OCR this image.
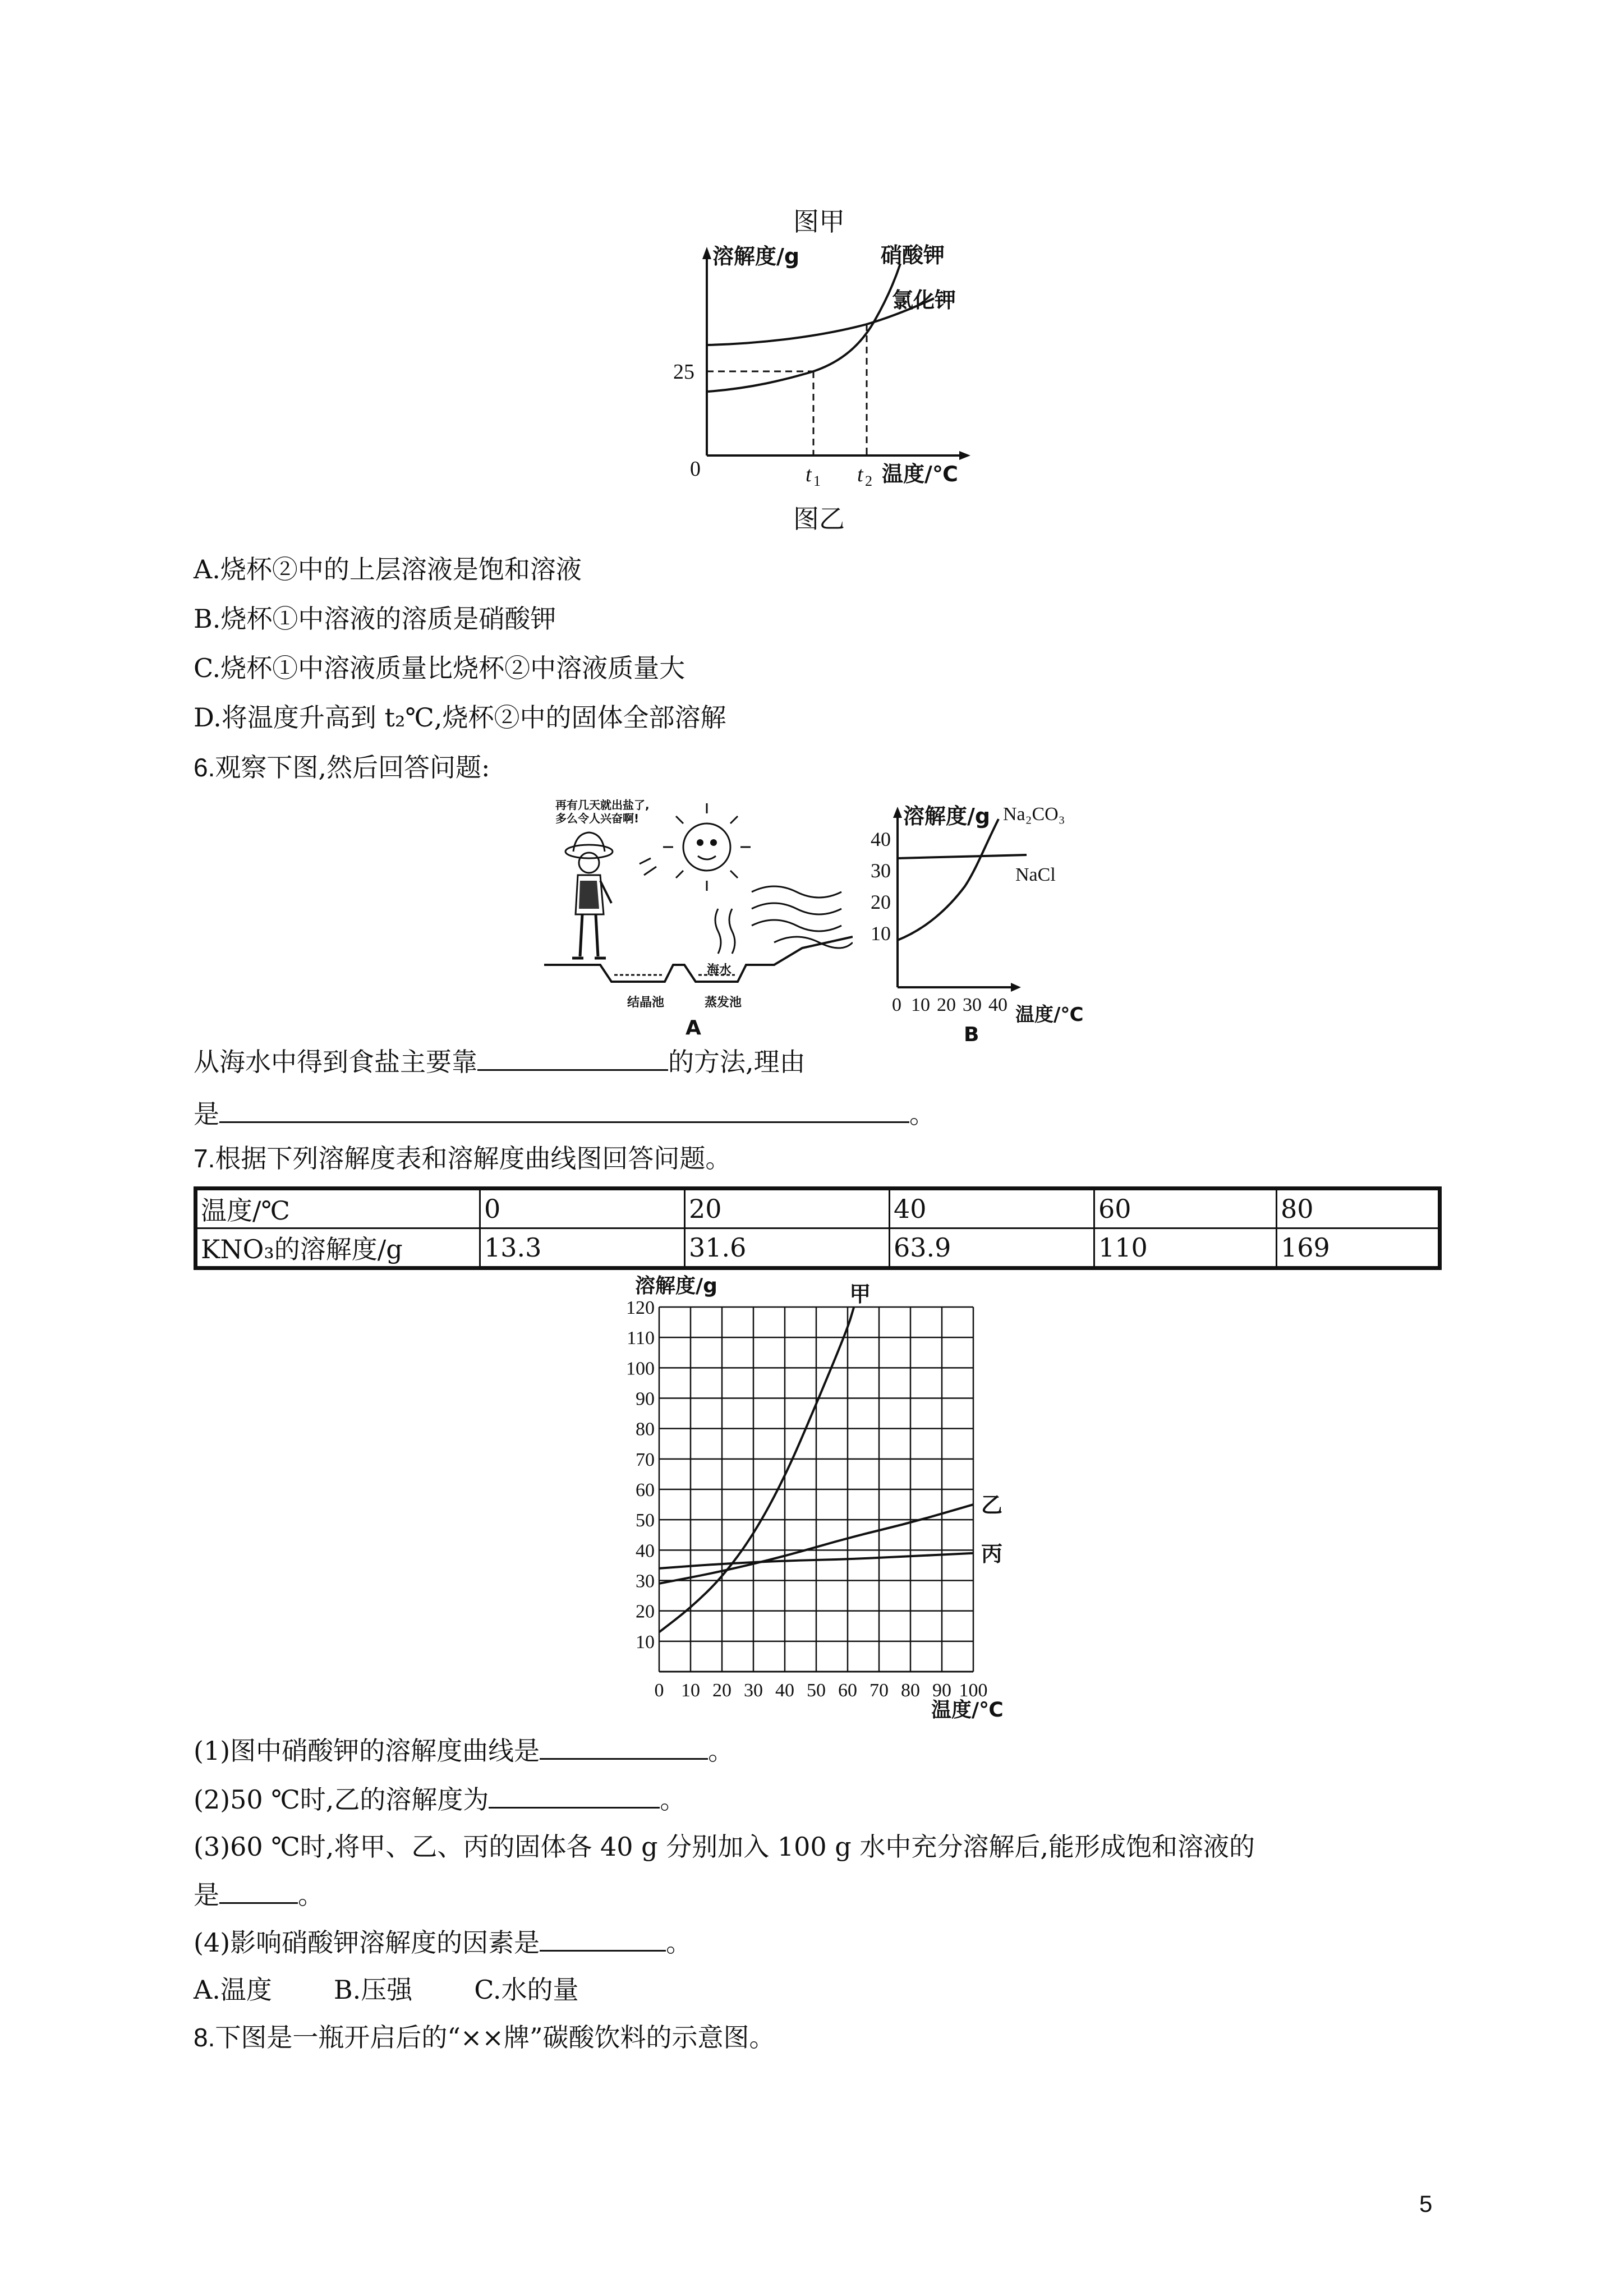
图甲
溶解度/g	硝酸钾
氯化钾
25
0	t 1 t 2 温度/℃
图乙
A.烧杯②中的上层溶液是饱和溶液
B.烧杯①中溶液的溶质是硝酸钾
C.烧杯①中溶液质量比烧杯②中溶液质量大
D.将温度升高到 t₂℃,烧杯②中的固体全部溶解
6.观察下图,然后回答问题:
再有几天就出盐了,
多么令人兴奋啊!
结晶池
海水
蒸发池
A
溶解度/g Na₂CO₃
NaCl
10
20
30
40
0 10 20 30 40 温度/℃
B
从海水中得到食盐主要靠	的方法,理由
是	。
7.根据下列溶解度表和溶解度曲线图回答问题。
温度/℃	0	20	40	60	80
KNO₃的溶解度/g	13.3	31.6	63.9	110	169
10
20
30
40
50
60
70
80
90
100
110
120
0 10 20 30 40 50 60 70 80 90 100
甲
乙
丙
溶解度/g
温度/℃
(1)图中硝酸钾的溶解度曲线是	。
(2)50 ℃时,乙的溶解度为	。
(3)60 ℃时,将甲、乙、丙的固体各 40 g 分别加入 100 g 水中充分溶解后,能形成饱和溶液的
是	。
(4)影响硝酸钾溶解度的因素是	。
A.温度 B.压强 C.水的量
8.下图是一瓶开启后的“××牌”碳酸饮料的示意图。
5
